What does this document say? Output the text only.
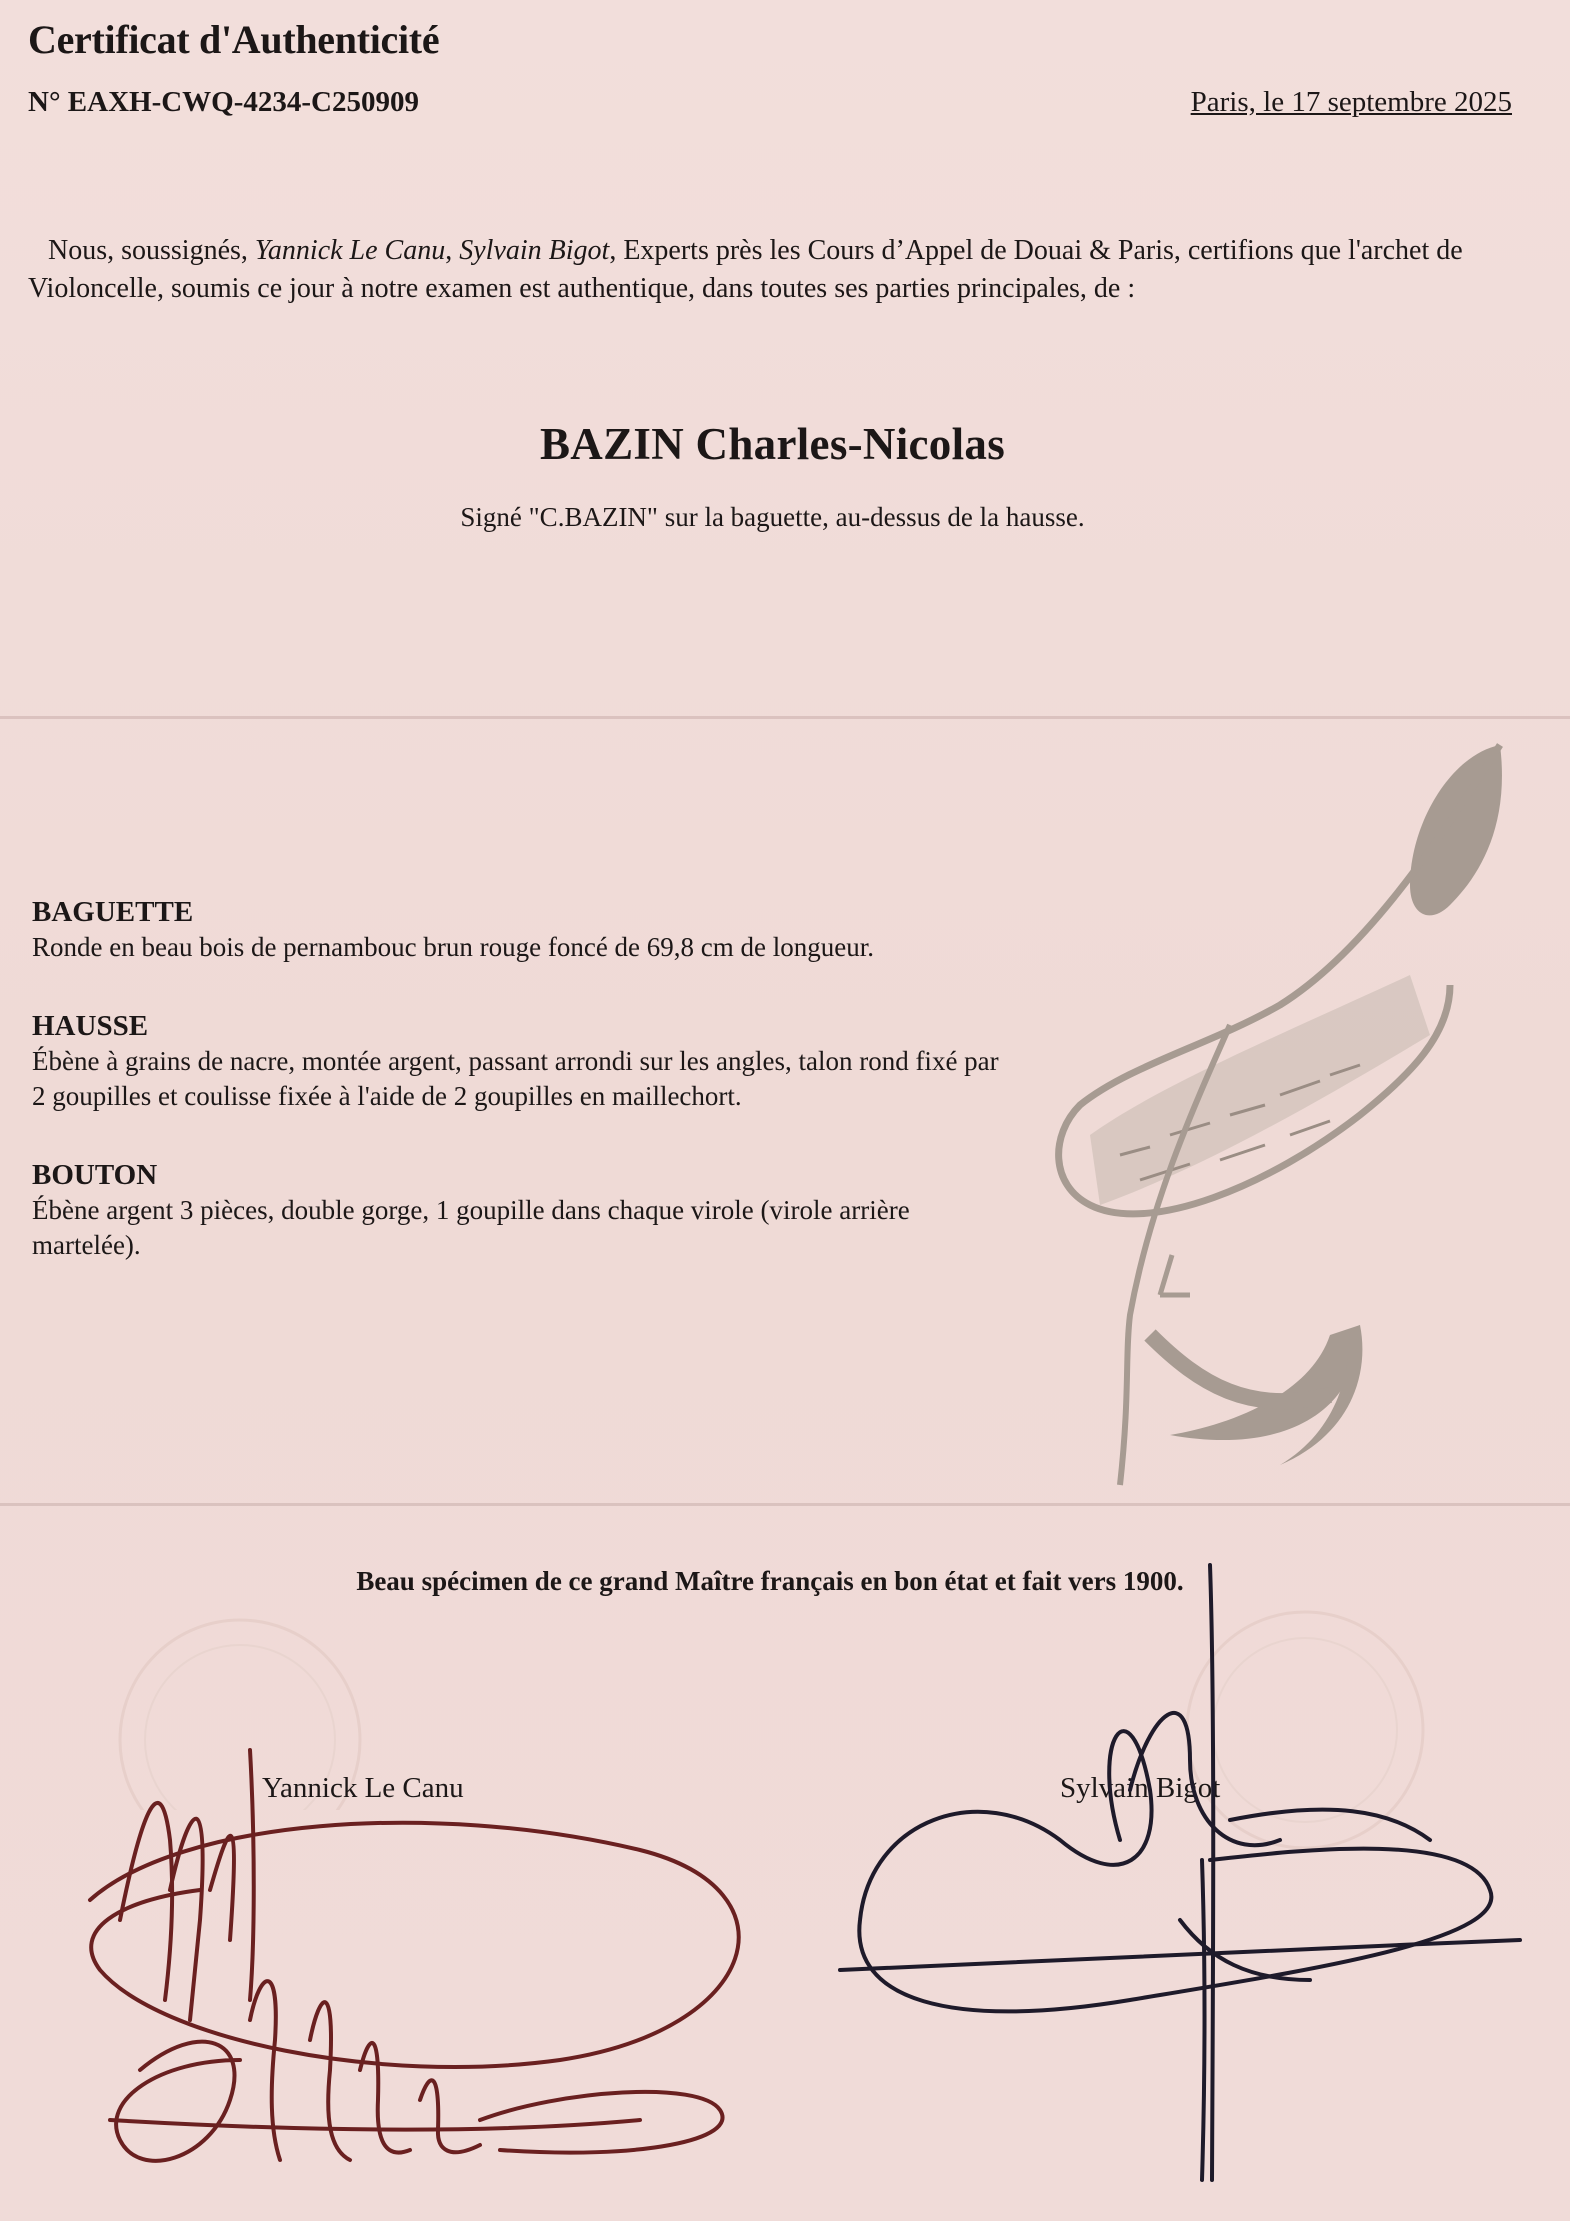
Certificat d'Authenticité
N° EAXH-CWQ-4234-C250909	Paris, le 17 septembre 2025
Nous, soussignés, Yannick Le Canu, Sylvain Bigot, Experts près les Cours d’Appel de Douai & Paris, certifions que l'archet de Violoncelle, soumis ce jour à notre examen est authentique, dans toutes ses parties principales, de :
BAZIN Charles-Nicolas
Signé "C.BAZIN" sur la baguette, au-dessus de la hausse.
BAGUETTE
Ronde en beau bois de pernambouc brun rouge foncé de 69,8 cm de longueur.
HAUSSE
Ébène à grains de nacre, montée argent, passant arrondi sur les angles, talon rond fixé par 2 goupilles et coulisse fixée à l'aide de 2 goupilles en maillechort.
BOUTON
Ébène argent 3 pièces, double gorge, 1 goupille dans chaque virole (virole arrière martelée).
Beau spécimen de ce grand Maître français en bon état et fait vers 1900.
Yannick Le Canu	Sylvain Bigot
